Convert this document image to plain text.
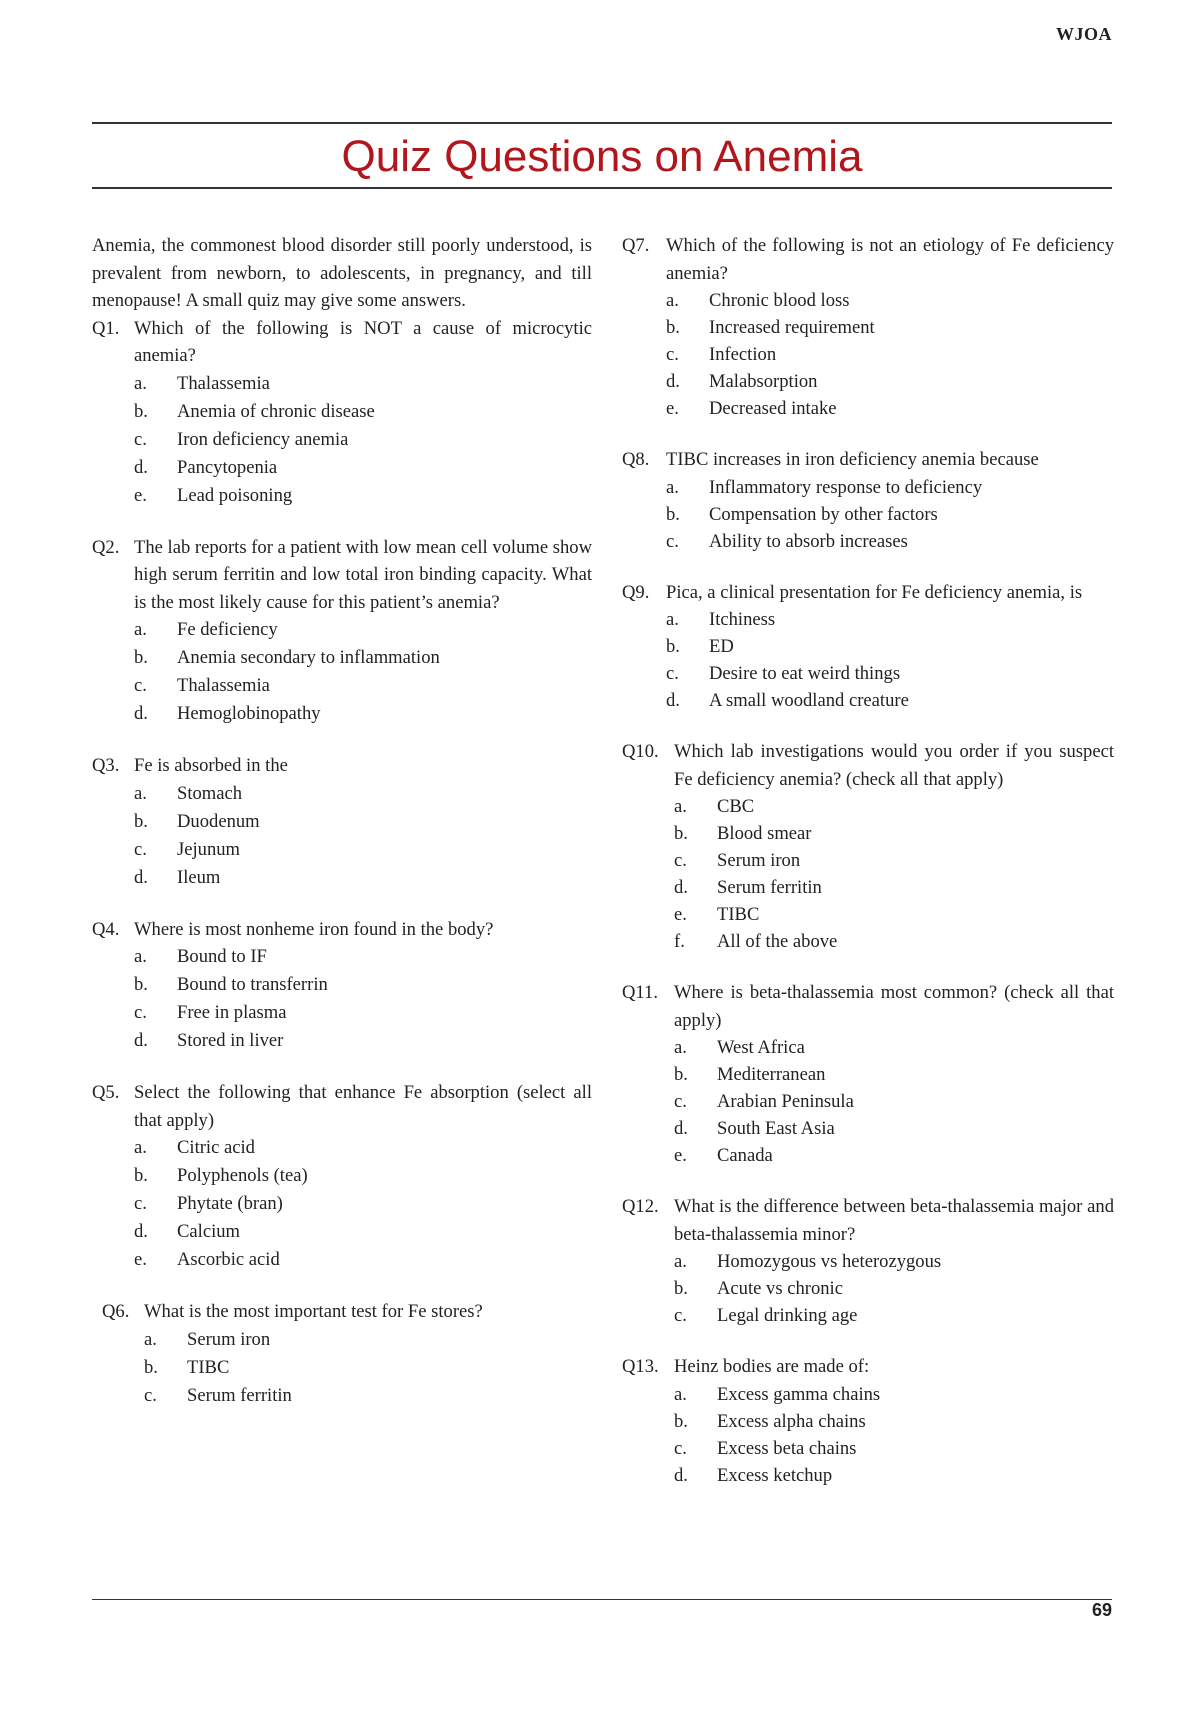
WJOA
Quiz Questions on Anemia

Anemia, the commonest blood disorder still poorly understood, is prevalent from newborn, to adolescents, in pregnancy, and till menopause! A small quiz may give some answers.

Q1. Which of the following is NOT a cause of microcytic anemia?
a.	Thalassemia
b.	Anemia of chronic disease
c.	Iron deficiency anemia
d.	Pancytopenia
e.	Lead poisoning
Q2. The lab reports for a patient with low mean cell volume show high serum ferritin and low total iron binding capacity. What is the most likely cause for this patient’s anemia?
a.	Fe deficiency
b.	Anemia secondary to inflammation
c.	Thalassemia
d.	Hemoglobinopathy
Q3. Fe is absorbed in the
a.	Stomach
b.	Duodenum
c.	Jejunum
d.	Ileum
Q4. Where is most nonheme iron found in the body?
a.	Bound to IF
b.	Bound to transferrin
c.	Free in plasma
d.	Stored in liver
Q5. Select the following that enhance Fe absorption (select all that apply)
a.	Citric acid
b.	Polyphenols (tea)
c.	Phytate (bran)
d.	Calcium
e.	Ascorbic acid
Q6. What is the most important test for Fe stores?
a.	Serum iron
b.	TIBC
c.	Serum ferritin
Q7. Which of the following is not an etiology of Fe deficiency anemia?
a.	Chronic blood loss
b.	Increased requirement
c.	Infection
d.	Malabsorption
e.	Decreased intake
Q8. TIBC increases in iron deficiency anemia because
a.	Inflammatory response to deficiency
b.	Compensation by other factors
c.	Ability to absorb increases
Q9. Pica, a clinical presentation for Fe deficiency anemia, is
a.	Itchiness
b.	ED
c.	Desire to eat weird things
d.	A small woodland creature
Q10. Which lab investigations would you order if you suspect Fe deficiency anemia? (check all that apply)
a.	CBC
b.	Blood smear
c.	Serum iron
d.	Serum ferritin
e.	TIBC
f.	All of the above
Q11. Where is beta-thalassemia most common? (check all that apply)
a.	West Africa
b.	Mediterranean
c.	Arabian Peninsula
d.	South East Asia
e.	Canada
Q12. What is the difference between beta-thalassemia major and beta-thalassemia minor?
a.	Homozygous vs heterozygous
b.	Acute vs chronic
c.	Legal drinking age
Q13. Heinz bodies are made of:
a.	Excess gamma chains
b.	Excess alpha chains
c.	Excess beta chains
d.	Excess ketchup
69
